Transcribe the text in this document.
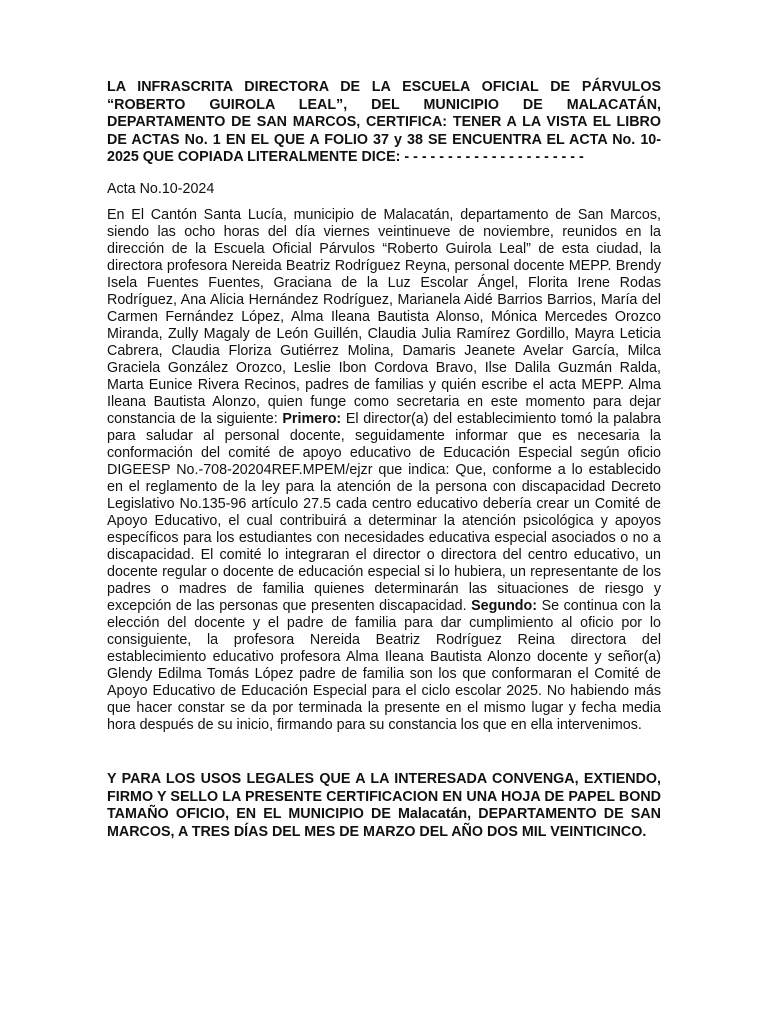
LA INFRASCRITA DIRECTORA DE LA ESCUELA OFICIAL DE PÁRVULOS “ROBERTO GUIROLA LEAL”, DEL MUNICIPIO DE MALACATÁN, DEPARTAMENTO DE SAN MARCOS, CERTIFICA: TENER A LA VISTA EL LIBRO DE ACTAS No. 1 EN EL QUE A FOLIO 37 y 38 SE ENCUENTRA EL ACTA No. 10-2025 QUE COPIADA LITERALMENTE DICE: - - - - - - - - - - - - - - - - - - - - -

Acta No.10-2024

En El Cantón Santa Lucía, municipio de Malacatán, departamento de San Marcos, siendo las ocho horas del día viernes veintinueve de noviembre, reunidos en la dirección de la Escuela Oficial Párvulos “Roberto Guirola Leal” de esta ciudad, la directora profesora Nereida Beatriz Rodríguez Reyna, personal docente MEPP. Brendy Isela Fuentes Fuentes, Graciana de la Luz Escolar Ángel, Florita Irene Rodas Rodríguez, Ana Alicia Hernández Rodríguez, Marianela Aidé Barrios Barrios, María del Carmen Fernández López, Alma Ileana Bautista Alonso, Mónica Mercedes Orozco Miranda, Zully Magaly de León Guillén, Claudia Julia Ramírez Gordillo, Mayra Leticia Cabrera, Claudia Floriza Gutiérrez Molina, Damaris Jeanete Avelar García, Milca Graciela González Orozco, Leslie Ibon Cordova Bravo, Ilse Dalila Guzmán Ralda, Marta Eunice Rivera Recinos, padres de familias y quién escribe el acta MEPP. Alma Ileana Bautista Alonzo, quien funge como secretaria en este momento para dejar constancia de la siguiente: Primero: El director(a) del establecimiento tomó la palabra para saludar al personal docente, seguidamente informar que es necesaria la conformación del comité de apoyo educativo de Educación Especial según oficio DIGEESP No.-708-20204REF.MPEM/ejzr que indica: Que, conforme a lo establecido en el reglamento de la ley para la atención de la persona con discapacidad Decreto Legislativo No.135-96 artículo 27.5 cada centro educativo debería crear un Comité de Apoyo Educativo, el cual contribuirá a determinar la atención psicológica y apoyos específicos para los estudiantes con necesidades educativa especial asociados o no a discapacidad. El comité lo integraran el director o directora del centro educativo, un docente regular o docente de educación especial si lo hubiera, un representante de los padres o madres de familia quienes determinarán las situaciones de riesgo y excepción de las personas que presenten discapacidad. Segundo: Se continua con la elección del docente y el padre de familia para dar cumplimiento al oficio por lo consiguiente, la profesora Nereida Beatriz Rodríguez Reina directora del establecimiento educativo profesora Alma Ileana Bautista Alonzo docente y señor(a) Glendy Edilma Tomás López padre de familia son los que conformaran el Comité de Apoyo Educativo de Educación Especial para el ciclo escolar 2025. No habiendo más que hacer constar se da por terminada la presente en el mismo lugar y fecha media hora después de su inicio, firmando para su constancia los que en ella intervenimos.

Y PARA LOS USOS LEGALES QUE A LA INTERESADA CONVENGA, EXTIENDO, FIRMO Y SELLO LA PRESENTE CERTIFICACION EN UNA HOJA DE PAPEL BOND TAMAÑO OFICIO, EN EL MUNICIPIO DE Malacatán, DEPARTAMENTO DE SAN MARCOS, A TRES DÍAS DEL MES DE MARZO DEL AÑO DOS MIL VEINTICINCO.
